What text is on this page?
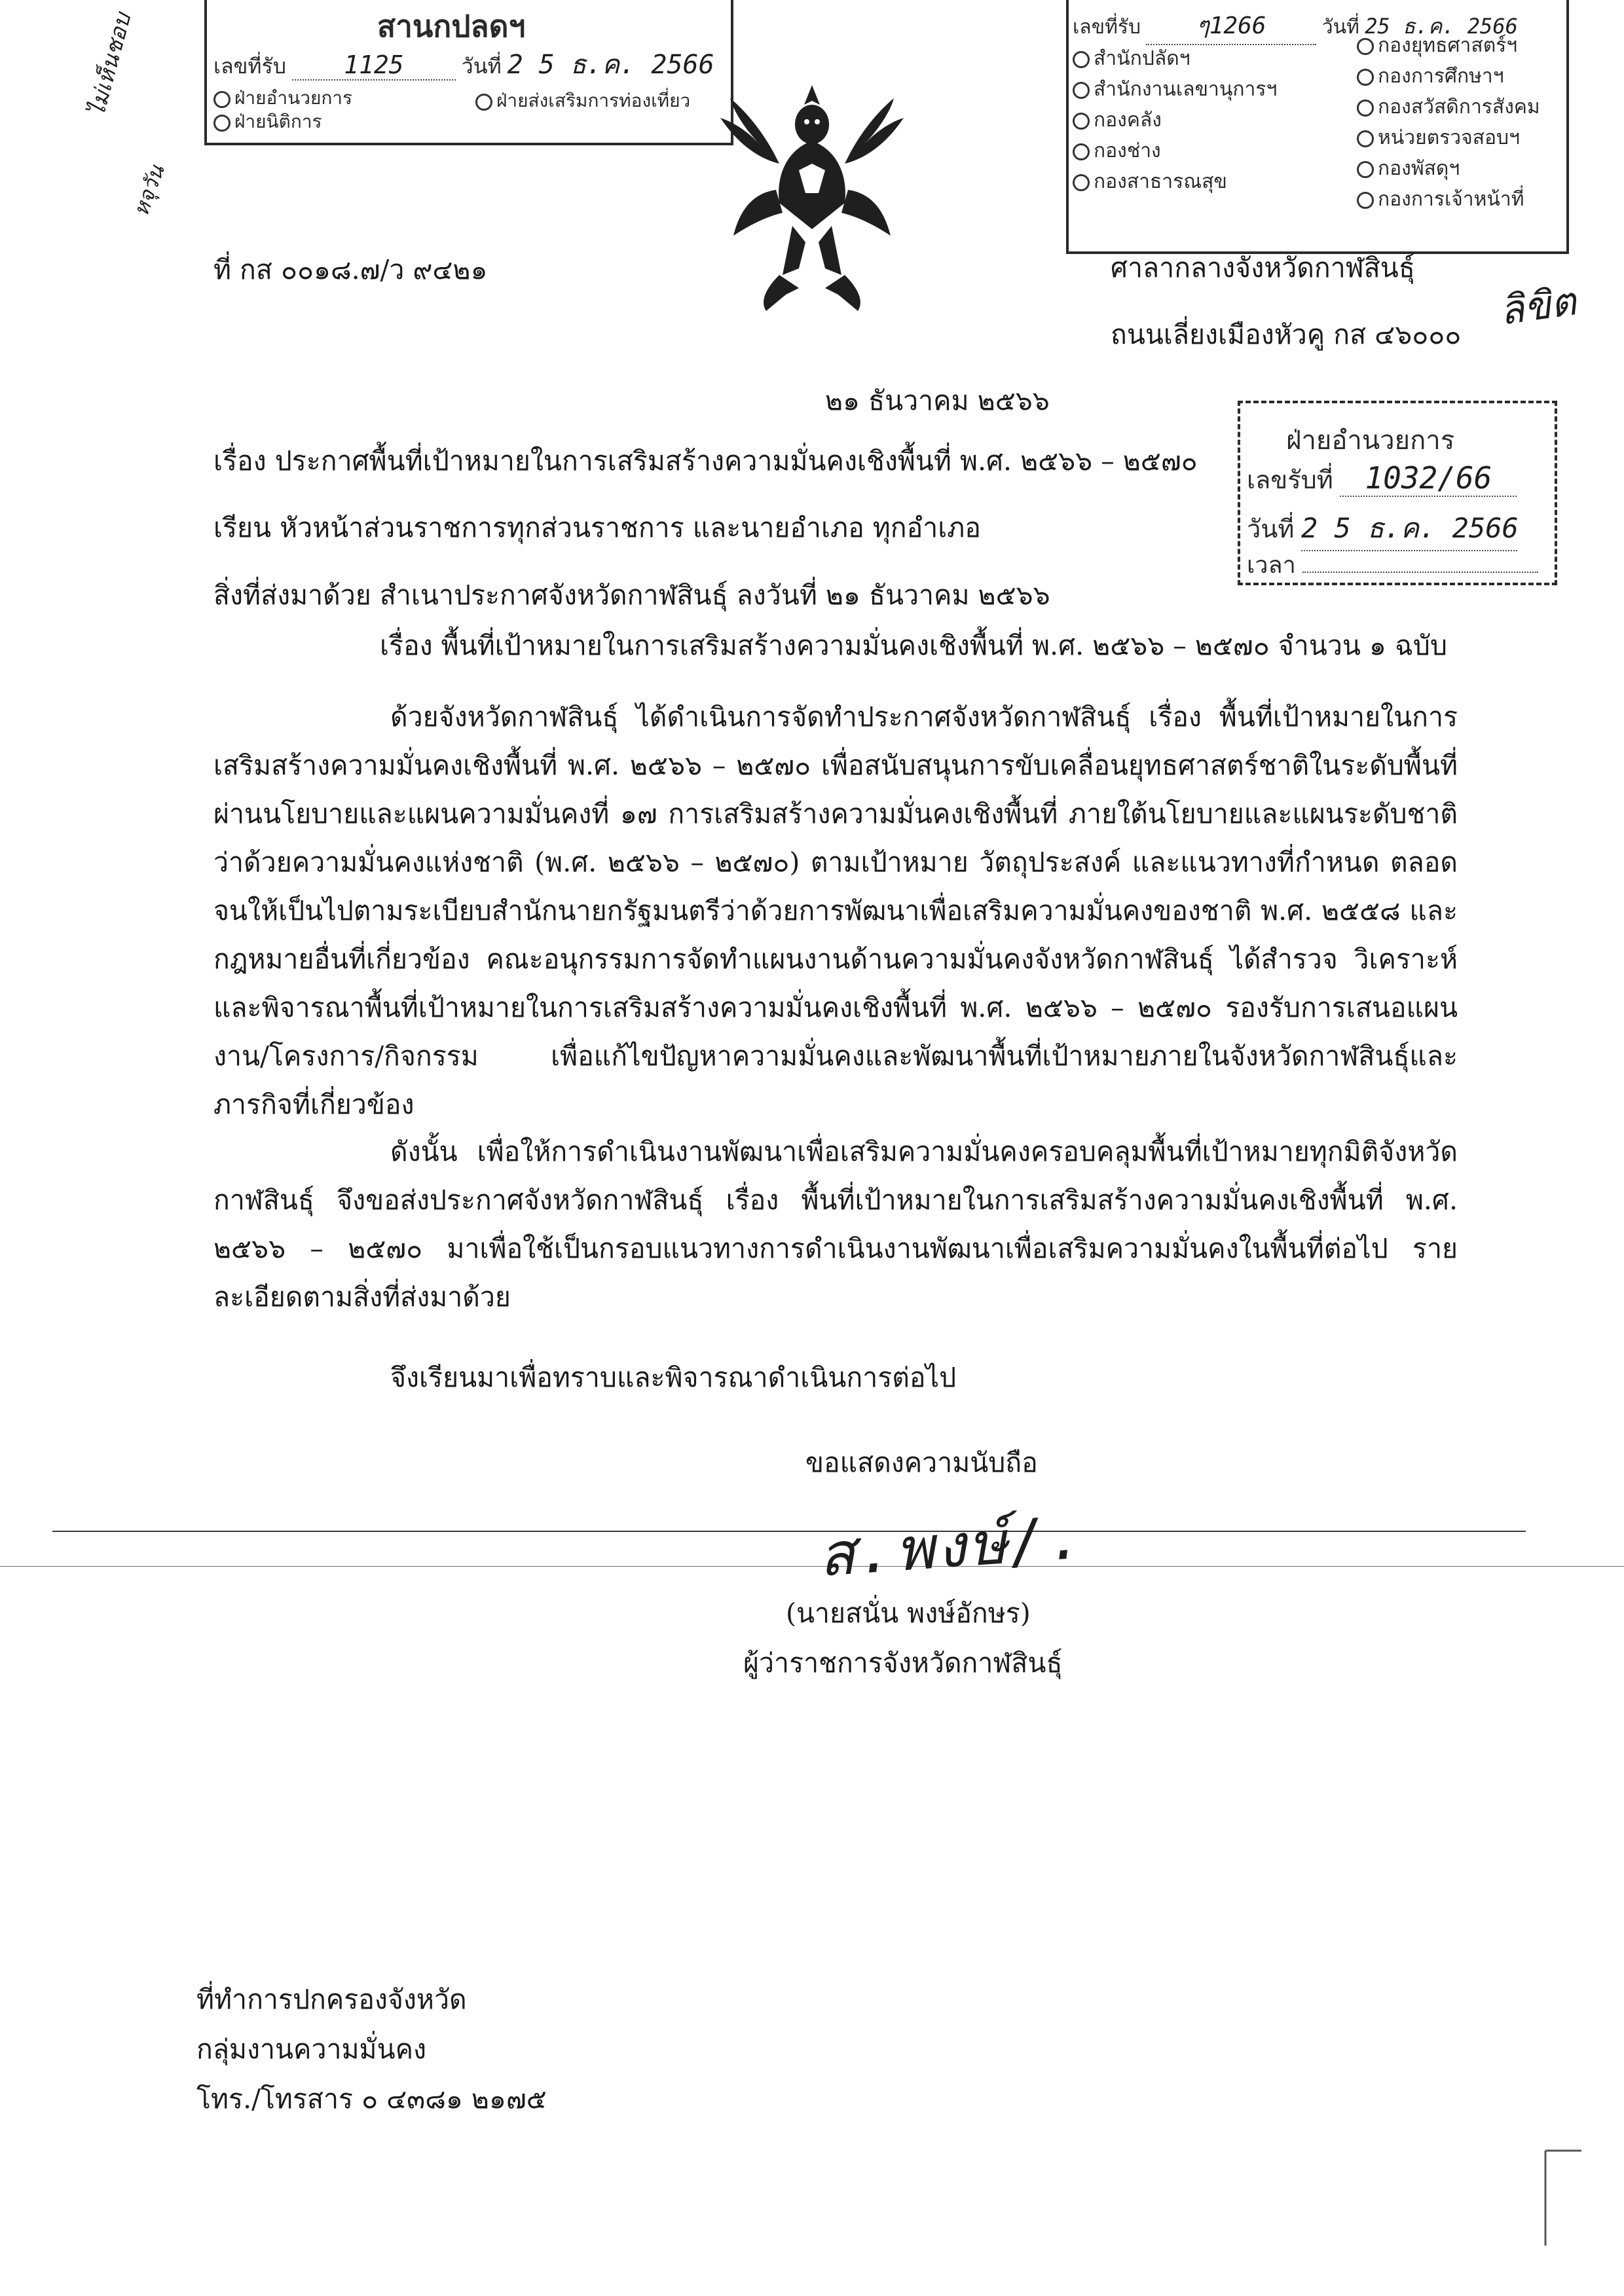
สานกปลดฯ
เลขที่รับ 1125	วันที่ 2 5 ธ.ค. 2566
ฝ่ายอำนวยการ
ฝ่ายนิติการ
ฝ่ายส่งเสริมการท่องเที่ยว
ไม่เห็นชอบ
หจุวัน
เลขที่รับ ๆ1266	วันที่ 25 ธ.ค. 2566
สำนักปลัดฯ
สำนักงานเลขานุการฯ
กองคลัง
กองช่าง
กองสาธารณสุข
กองยุทธศาสตร์ฯ
กองการศึกษาฯ
กองสวัสดิการสังคม
หน่วยตรวจสอบฯ
กองพัสดุฯ
กองการเจ้าหน้าที่
ที่ กส ๐๐๑๘.๗/ว ๙๔๒๑	ศาลากลางจังหวัดกาฬสินธุ์
ถนนเลี่ยงเมืองหัวคู กส ๔๖๐๐๐
ลิขิต
๒๑ ธันวาคม ๒๕๖๖
ฝ่ายอำนวยการ
เลขรับที่ 1032/66
วันที่ 2 5 ธ.ค. 2566
เวลา
เรื่อง ประกาศพื้นที่เป้าหมายในการเสริมสร้างความมั่นคงเชิงพื้นที่ พ.ศ. ๒๕๖๖ – ๒๕๗๐
เรียน หัวหน้าส่วนราชการทุกส่วนราชการ และนายอำเภอ ทุกอำเภอ
สิ่งที่ส่งมาด้วย สำเนาประกาศจังหวัดกาฬสินธุ์ ลงวันที่ ๒๑ ธันวาคม ๒๕๖๖
เรื่อง พื้นที่เป้าหมายในการเสริมสร้างความมั่นคงเชิงพื้นที่ พ.ศ. ๒๕๖๖ – ๒๕๗๐ จำนวน ๑ ฉบับ

ด้วยจังหวัดกาฬสินธุ์ ได้ดำเนินการจัดทำประกาศจังหวัดกาฬสินธุ์ เรื่อง พื้นที่เป้าหมายในการเสริมสร้างความมั่นคงเชิงพื้นที่ พ.ศ. ๒๕๖๖ – ๒๕๗๐ เพื่อสนับสนุนการขับเคลื่อนยุทธศาสตร์ชาติในระดับพื้นที่ ผ่านนโยบายและแผนความมั่นคงที่ ๑๗ การเสริมสร้างความมั่นคงเชิงพื้นที่ ภายใต้นโยบายและแผนระดับชาติว่าด้วยความมั่นคงแห่งชาติ (พ.ศ. ๒๕๖๖ – ๒๕๗๐) ตามเป้าหมาย วัตถุประสงค์ และแนวทางที่กำหนด ตลอดจนให้เป็นไปตามระเบียบสำนักนายกรัฐมนตรีว่าด้วยการพัฒนาเพื่อเสริมความมั่นคงของชาติ พ.ศ. ๒๕๕๘ และกฎหมายอื่นที่เกี่ยวข้อง คณะอนุกรรมการจัดทำแผนงานด้านความมั่นคงจังหวัดกาฬสินธุ์ ได้สำรวจ วิเคราะห์ และพิจารณาพื้นที่เป้าหมายในการเสริมสร้างความมั่นคงเชิงพื้นที่ พ.ศ. ๒๕๖๖ – ๒๕๗๐ รองรับการเสนอแผนงาน/โครงการ/กิจกรรม เพื่อแก้ไขปัญหาความมั่นคงและพัฒนาพื้นที่เป้าหมายภายในจังหวัดกาฬสินธุ์และภารกิจที่เกี่ยวข้อง

ดังนั้น เพื่อให้การดำเนินงานพัฒนาเพื่อเสริมความมั่นคงครอบคลุมพื้นที่เป้าหมายทุกมิติจังหวัดกาฬสินธุ์ จึงขอส่งประกาศจังหวัดกาฬสินธุ์ เรื่อง พื้นที่เป้าหมายในการเสริมสร้างความมั่นคงเชิงพื้นที่ พ.ศ. ๒๕๖๖ – ๒๕๗๐ มาเพื่อใช้เป็นกรอบแนวทางการดำเนินงานพัฒนาเพื่อเสริมความมั่นคงในพื้นที่ต่อไป รายละเอียดตามสิ่งที่ส่งมาด้วย

จึงเรียนมาเพื่อทราบและพิจารณาดำเนินการต่อไป
ขอแสดงความนับถือ
ส.พงษ์/.
(นายสนั่น พงษ์อักษร)
ผู้ว่าราชการจังหวัดกาฬสินธุ์
ที่ทำการปกครองจังหวัด
กลุ่มงานความมั่นคง
โทร./โทรสาร ๐ ๔๓๘๑ ๒๑๗๕
